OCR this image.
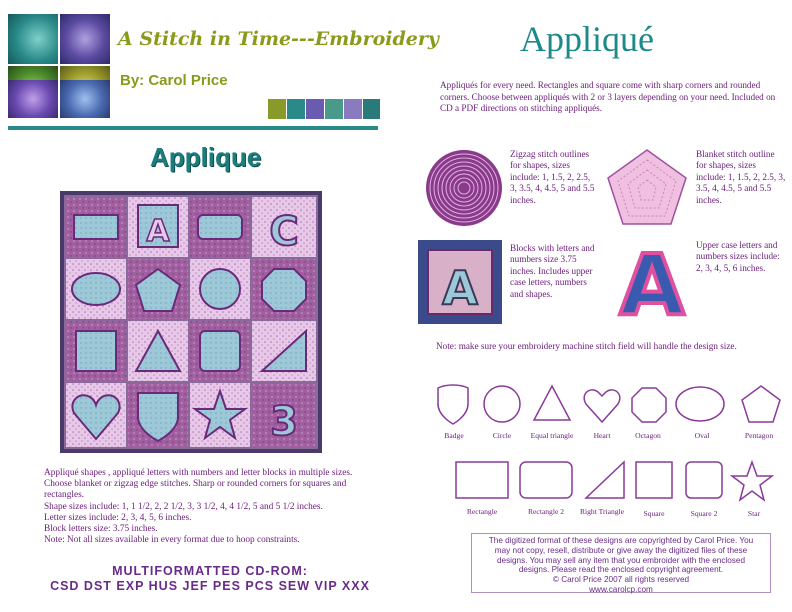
A Stitch in Time---Embroidery
By: Carol Price
Applique
A C
3
Appliqué shapes , appliqué letters with numbers and letter blocks in multiple sizes.
Choose blanket or zigzag edge stitches. Sharp or rounded corners for squares and
rectangles.
Shape sizes include: 1, 1 1/2, 2, 2 1/2, 3, 3 1/2, 4, 4 1/2, 5 and 5 1/2 inches.
Letter sizes include: 2, 3, 4, 5, 6 inches.
Block letters size: 3.75 inches.
Note: Not all sizes available in every format due to hoop constraints.
MULTIFORMATTED CD-ROM:
CSD DST EXP HUS JEF PES PCS SEW VIP XXX
Appliqué
Appliqués for every need. Rectangles and square come with sharp corners and rounded corners. Choose between appliqués with 2 or 3 layers depending on your need. Included on CD a PDF directions on stitching appliqués.
Zigzag stitch outlines for shapes, sizes include: 1, 1.5, 2, 2.5, 3, 3.5, 4, 4.5, 5 and 5.5 inches.
Blanket stitch outline for shapes, sizes include: 1, 1.5, 2, 2.5, 3, 3.5, 4, 4.5, 5 and 5.5 inches.
A
Blocks with letters and numbers size 3.75 inches. Includes upper case letters, numbers and shapes. A Upper case letters and numbers sizes include: 2, 3, 4, 5, 6 inches.
Note: make sure your embroidery machine stitch field will handle the design size.
Badge	Circle	Equal triangle	Heart	Octagon	Oval	Pentagon
Rectangle	Rectangle 2	Right Triangle	Square	Square 2	Star
The digitized format of these designs are copyrighted by Carol Price. You
may not copy, resell, distribute or give away the digitized files of these
designs. You may sell any item that you embroider with the enclosed
designs. Please read the enclosed copyright agreement.
© Carol Price 2007 all rights reserved
www.carolcp.com
